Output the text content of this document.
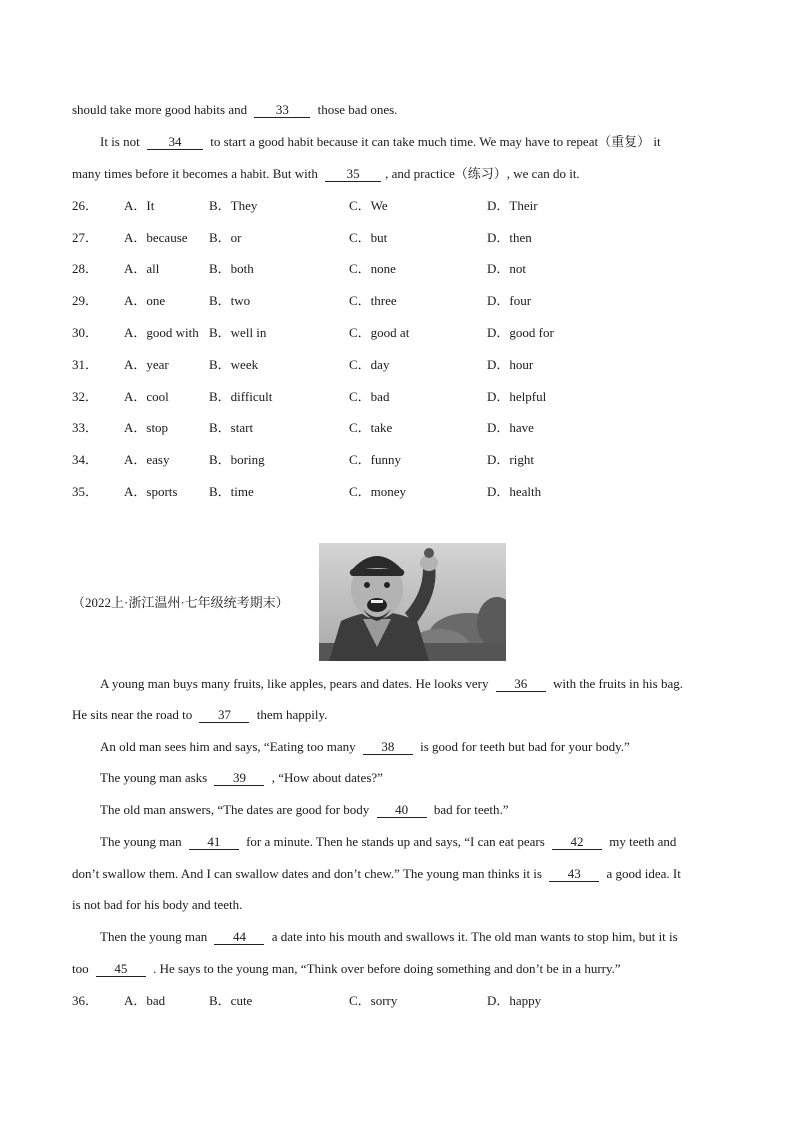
should take more good habits and 33 those bad ones.
It is not 34 to start a good habit because it can take much time. We may have to repeat（重复） it
many times before it becomes a habit. But with 35 , and practice（练习）, we can do it.
26． A．It	B．They	C．We	D．Their
27． A．because B．or	C．but	D．then
28． A．all	B．both	C．none	D．not
29． A．one	B．two	C．three	D．four
30． A．good with B．well in	C．good at	D．good for
31． A．year	B．week	C．day	D．hour
32． A．cool	B．difficult	C．bad	D．helpful
33． A．stop	B．start	C．take	D．have
34． A．easy	B．boring	C．funny	D．right
35． A．sports B．time	C．money	D．health
（2022上·浙江温州·七年级统考期末）
A young man buys many fruits, like apples, pears and dates. He looks very 36 with the fruits in his bag.
He sits near the road to 37 them happily.
An old man sees him and says, “Eating too many 38 is good for teeth but bad for your body.”
The young man asks 39 , “How about dates?”
The old man answers, “The dates are good for body 40 bad for teeth.”
The young man 41 for a minute. Then he stands up and says, “I can eat pears 42 my teeth and
don’t swallow them. And I can swallow dates and don’t chew.” The young man thinks it is 43 a good idea. It
is not bad for his body and teeth.
Then the young man 44 a date into his mouth and swallows it. The old man wants to stop him, but it is
too 45 . He says to the young man, “Think over before doing something and don’t be in a hurry.”
36． A．bad	B．cute	C．sorry	D．happy
